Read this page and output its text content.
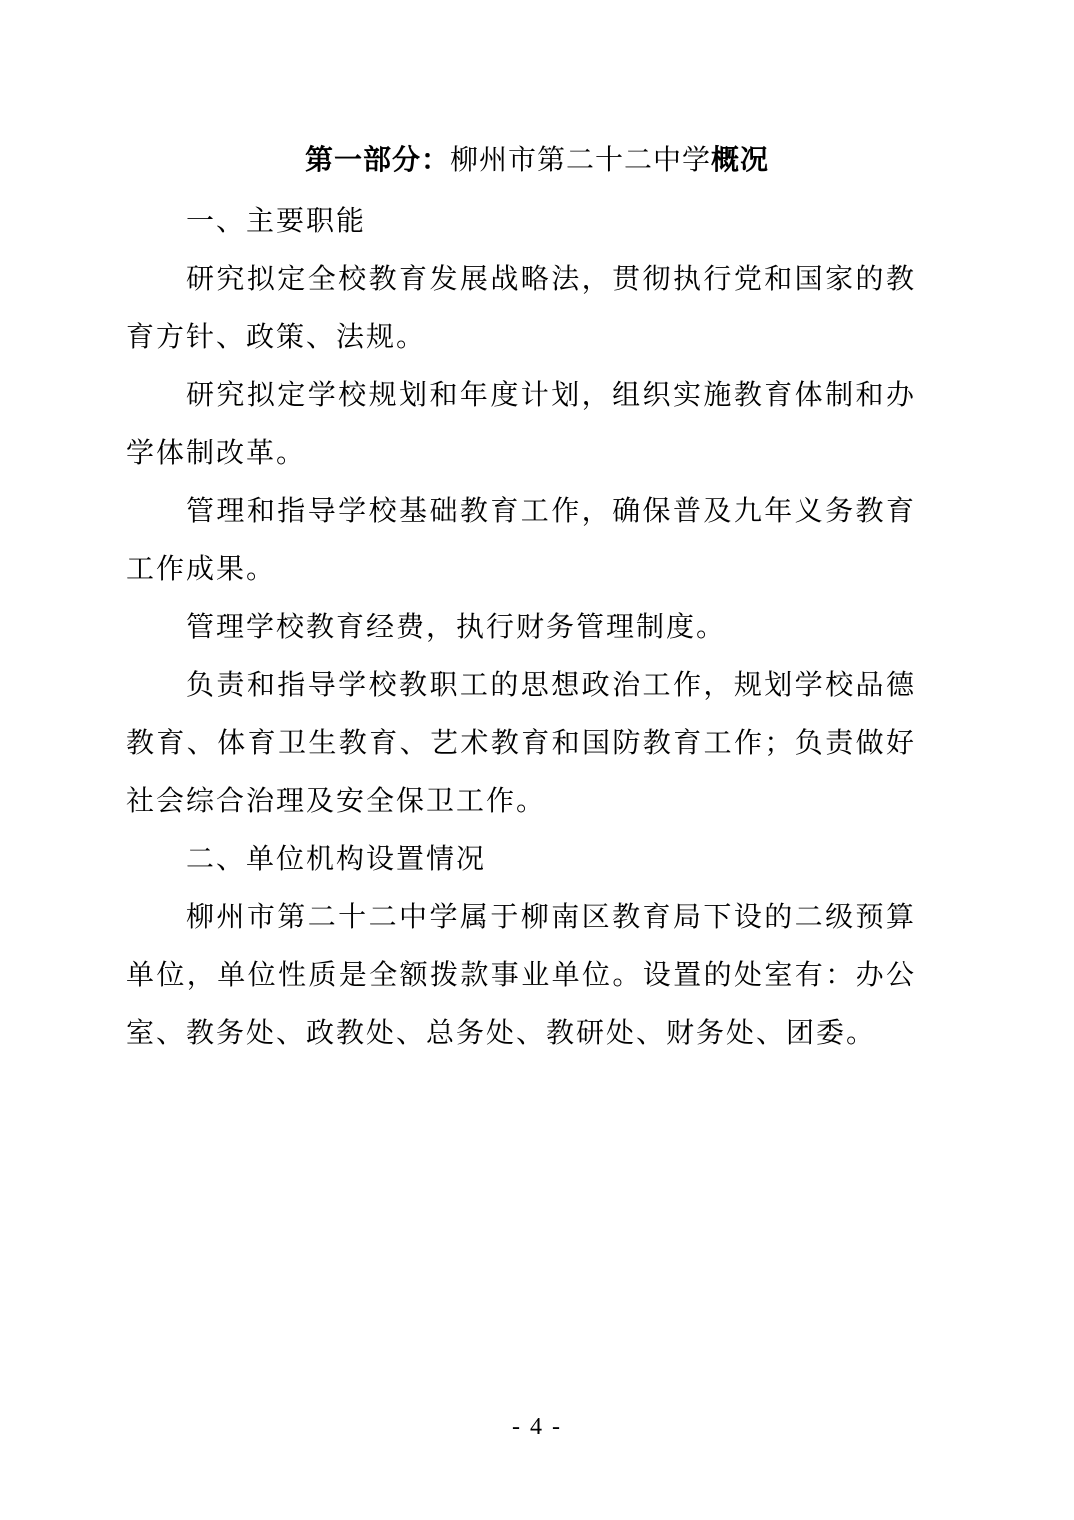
第一部分：柳州市第二十二中学概况

一、主要职能

研究拟定全校教育发展战略法，贯彻执行党和国家的教育方针、政策、法规。

研究拟定学校规划和年度计划，组织实施教育体制和办学体制改革。

管理和指导学校基础教育工作，确保普及九年义务教育工作成果。

管理学校教育经费，执行财务管理制度。

负责和指导学校教职工的思想政治工作，规划学校品德教育、体育卫生教育、艺术教育和国防教育工作；负责做好社会综合治理及安全保卫工作。

二、单位机构设置情况

柳州市第二十二中学属于柳南区教育局下设的二级预算单位，单位性质是全额拨款事业单位。设置的处室有：办公室、教务处、政教处、总务处、教研处、财务处、团委。

- 4 -
